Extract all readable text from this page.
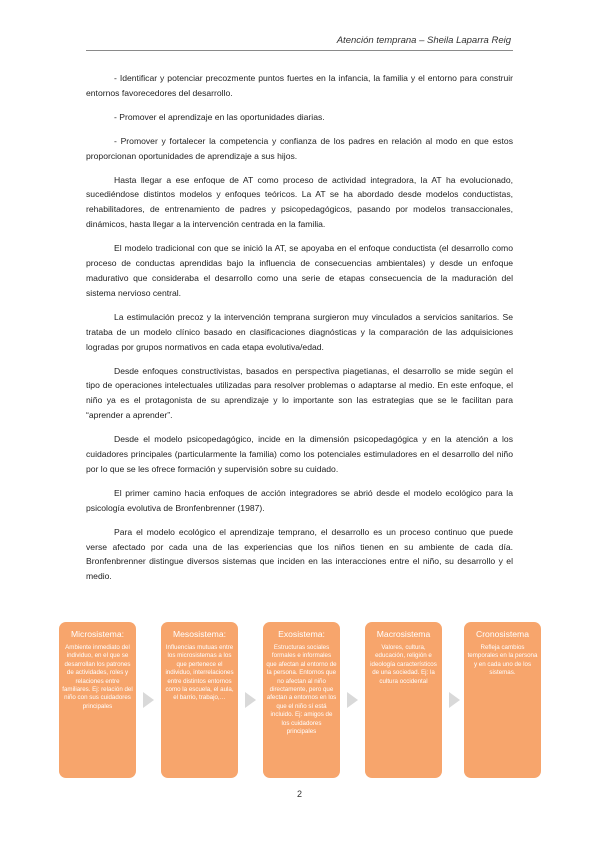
Atención temprana – Sheila Laparra Reig

- Identificar y potenciar precozmente puntos fuertes en la infancia, la familia y el entorno para construir entornos favorecedores del desarrollo.

- Promover el aprendizaje en las oportunidades diarias.

- Promover y fortalecer la competencia y confianza de los padres en relación al modo en que estos proporcionan oportunidades de aprendizaje a sus hijos.

Hasta llegar a ese enfoque de AT como proceso de actividad integradora, la AT ha evolucionado, sucediéndose distintos modelos y enfoques teóricos. La AT se ha abordado desde modelos conductistas, rehabilitadores, de entrenamiento de padres y psicopedagógicos, pasando por modelos transaccionales, dinámicos, hasta llegar a la intervención centrada en la familia.

El modelo tradicional con que se inició la AT, se apoyaba en el enfoque conductista (el desarrollo como proceso de conductas aprendidas bajo la influencia de consecuencias ambientales) y desde un enfoque madurativo que consideraba el desarrollo como una serie de etapas consecuencia de la maduración del sistema nervioso central.

La estimulación precoz y la intervención temprana surgieron muy vinculados a servicios sanitarios. Se trataba de un modelo clínico basado en clasificaciones diagnósticas y la comparación de las adquisiciones logradas por grupos normativos en cada etapa evolutiva/edad.

Desde enfoques constructivistas, basados en perspectiva piagetianas, el desarrollo se mide según el tipo de operaciones intelectuales utilizadas para resolver problemas o adaptarse al medio. En este enfoque, el niño ya es el protagonista de su aprendizaje y lo importante son las estrategias que se le facilitan para “aprender a aprender”.

Desde el modelo psicopedagógico, incide en la dimensión psicopedagógica y en la atención a los cuidadores principales (particularmente la familia) como los potenciales estimuladores en el desarrollo del niño por lo que se les ofrece formación y supervisión sobre su cuidado.

El primer camino hacia enfoques de acción integradores se abrió desde el modelo ecológico para la psicología evolutiva de Bronfenbrenner (1987).

Para el modelo ecológico el aprendizaje temprano, el desarrollo es un proceso continuo que puede verse afectado por cada una de las experiencias que los niños tienen en su ambiente de cada día. Bronfenbrenner distingue diversos sistemas que inciden en las interacciones entre el niño, su desarrollo y el medio.

Microsistema:
Ambiente inmediato del individuo, en el que se desarrollan los patrones de actividades, roles y relaciones entre familiares. Ej: relación del niño con sus cuidadores principales
Mesosistema:
Influencias mutuas entre los microsistemas a los que pertenece el individuo, interrelaciones entre distintos entornos como la escuela, el aula, el barrio, trabajo,…
Exosistema:
Estructuras sociales formales e informales que afectan al entorno de la persona. Entornos que no afectan al niño directamente, pero que afectan a entornos en los que el niño sí está incluido. Ej: amigos de los cuidadores principales
Macrosistema
Valores, cultura, educación, religión e ideología característicos de una sociedad. Ej: la cultura occidental
Cronosistema
Refleja cambios temporales en la persona y en cada uno de los sistemas.
2
